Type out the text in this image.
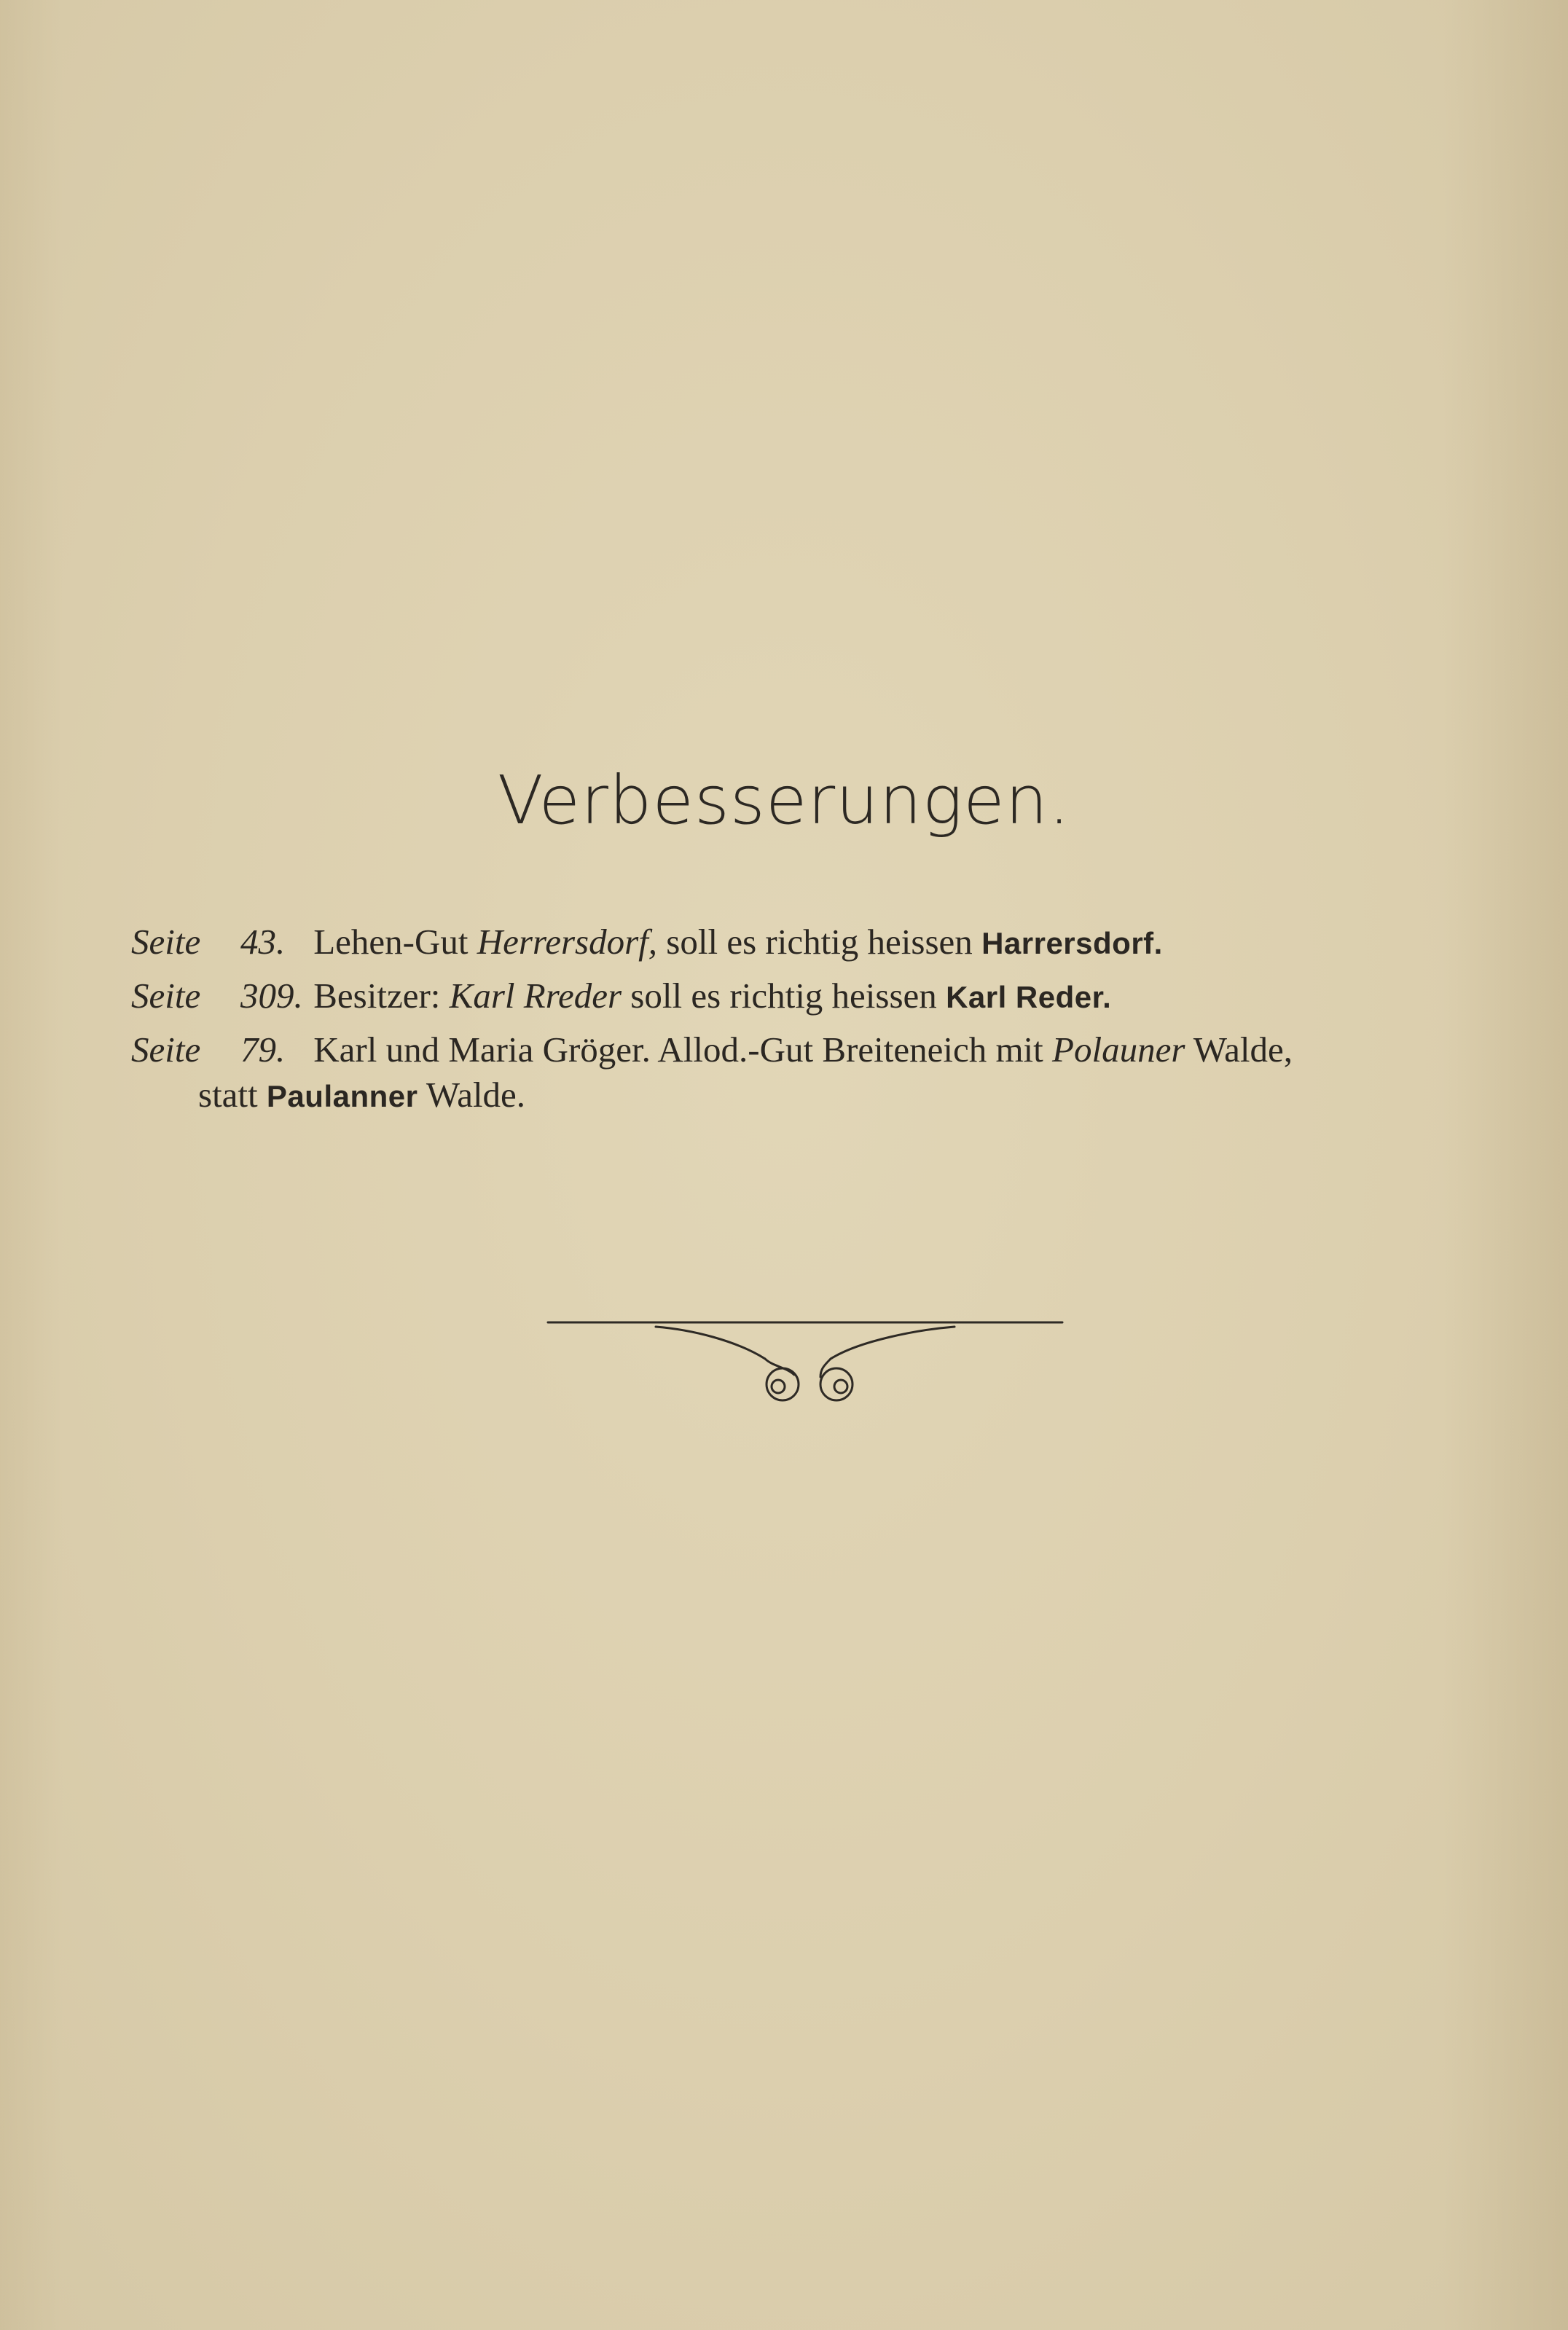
Verbesserungen.
Seite 43. Lehen-Gut Herrersdorf, soll es richtig heissen Harrersdorf.
Seite 309. Besitzer: Karl Rreder soll es richtig heissen Karl Reder.
Seite 79. Karl und Maria Gröger. Allod.-Gut Breiteneich mit Polauner Walde,
statt Paulanner Walde.
